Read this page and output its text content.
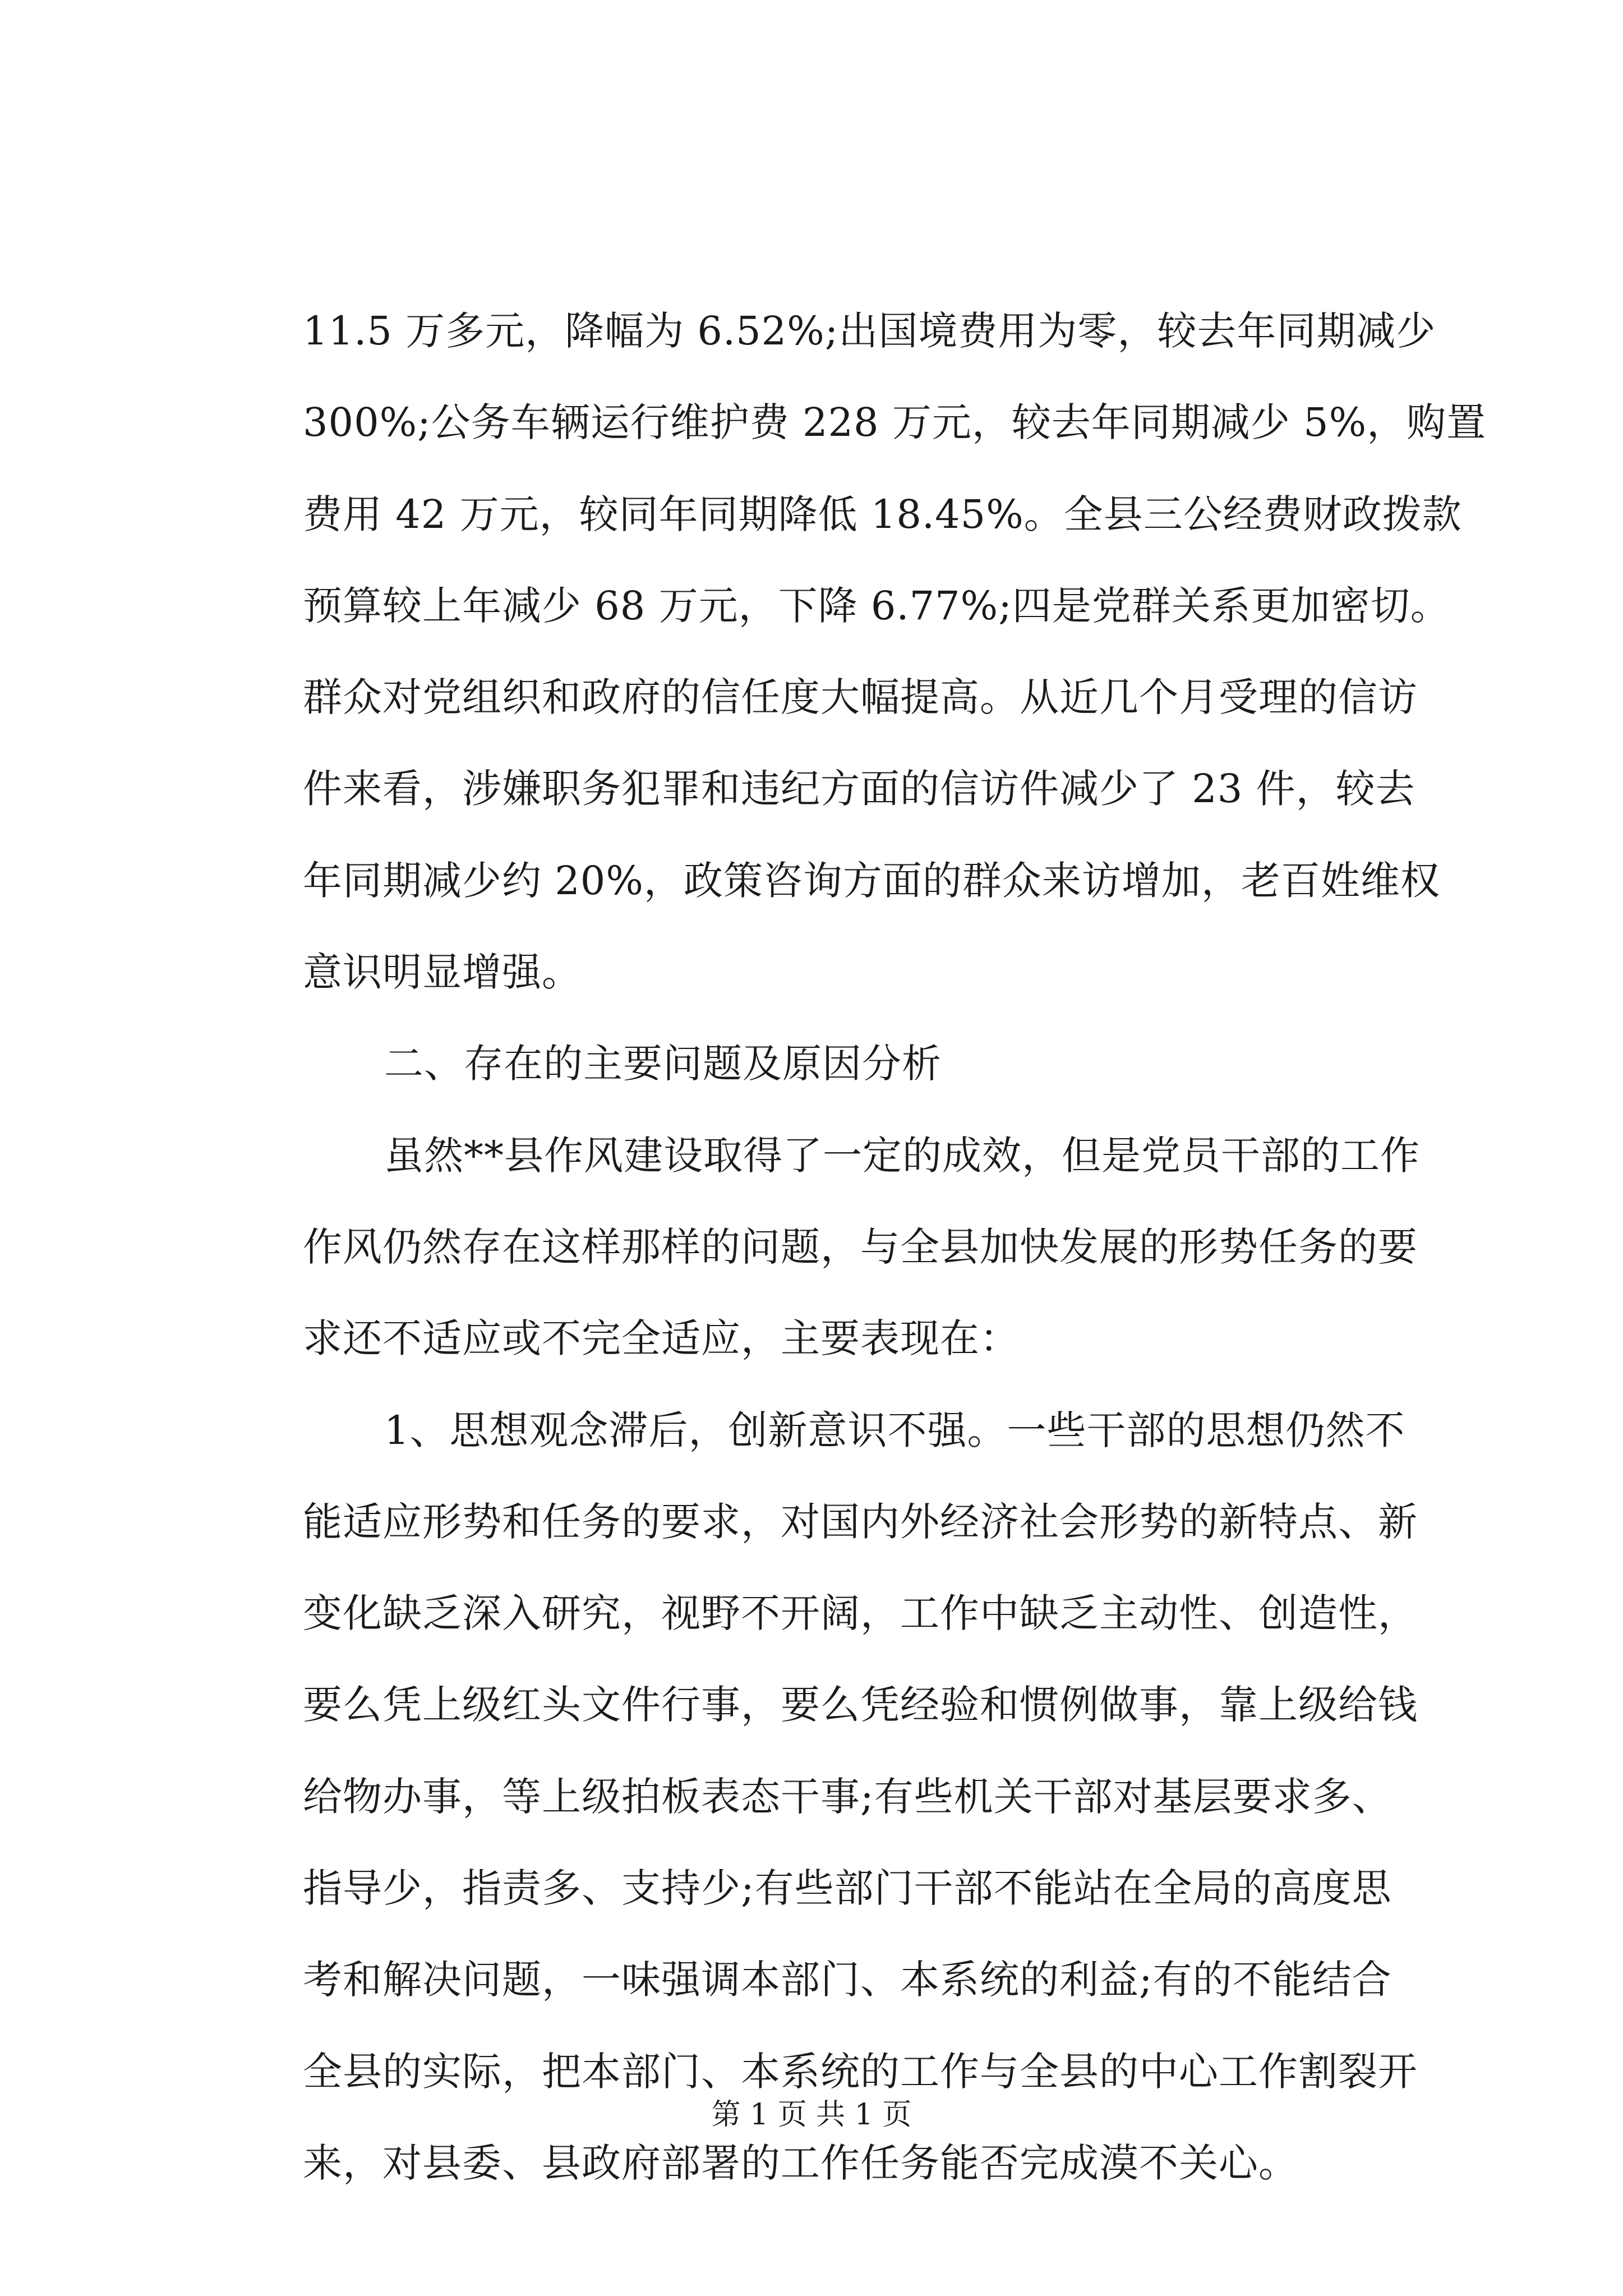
11.5 万多元，降幅为 6.52%;出国境费用为零，较去年同期减少
300%;公务车辆运行维护费 228 万元，较去年同期减少 5%，购置
费用 42 万元，较同年同期降低 18.45%。全县三公经费财政拨款
预算较上年减少 68 万元，下降 6.77%;四是党群关系更加密切。
群众对党组织和政府的信任度大幅提高。从近几个月受理的信访
件来看，涉嫌职务犯罪和违纪方面的信访件减少了 23 件，较去
年同期减少约 20%，政策咨询方面的群众来访增加，老百姓维权
意识明显增强。
二、存在的主要问题及原因分析
虽然**县作风建设取得了一定的成效，但是党员干部的工作
作风仍然存在这样那样的问题，与全县加快发展的形势任务的要
求还不适应或不完全适应，主要表现在：
1、思想观念滞后，创新意识不强。一些干部的思想仍然不
能适应形势和任务的要求，对国内外经济社会形势的新特点、新
变化缺乏深入研究，视野不开阔，工作中缺乏主动性、创造性，
要么凭上级红头文件行事，要么凭经验和惯例做事，靠上级给钱
给物办事，等上级拍板表态干事;有些机关干部对基层要求多、
指导少，指责多、支持少;有些部门干部不能站在全局的高度思
考和解决问题，一味强调本部门、本系统的利益;有的不能结合
全县的实际，把本部门、本系统的工作与全县的中心工作割裂开
来，对县委、县政府部署的工作任务能否完成漠不关心。
第 1 页 共 1 页
